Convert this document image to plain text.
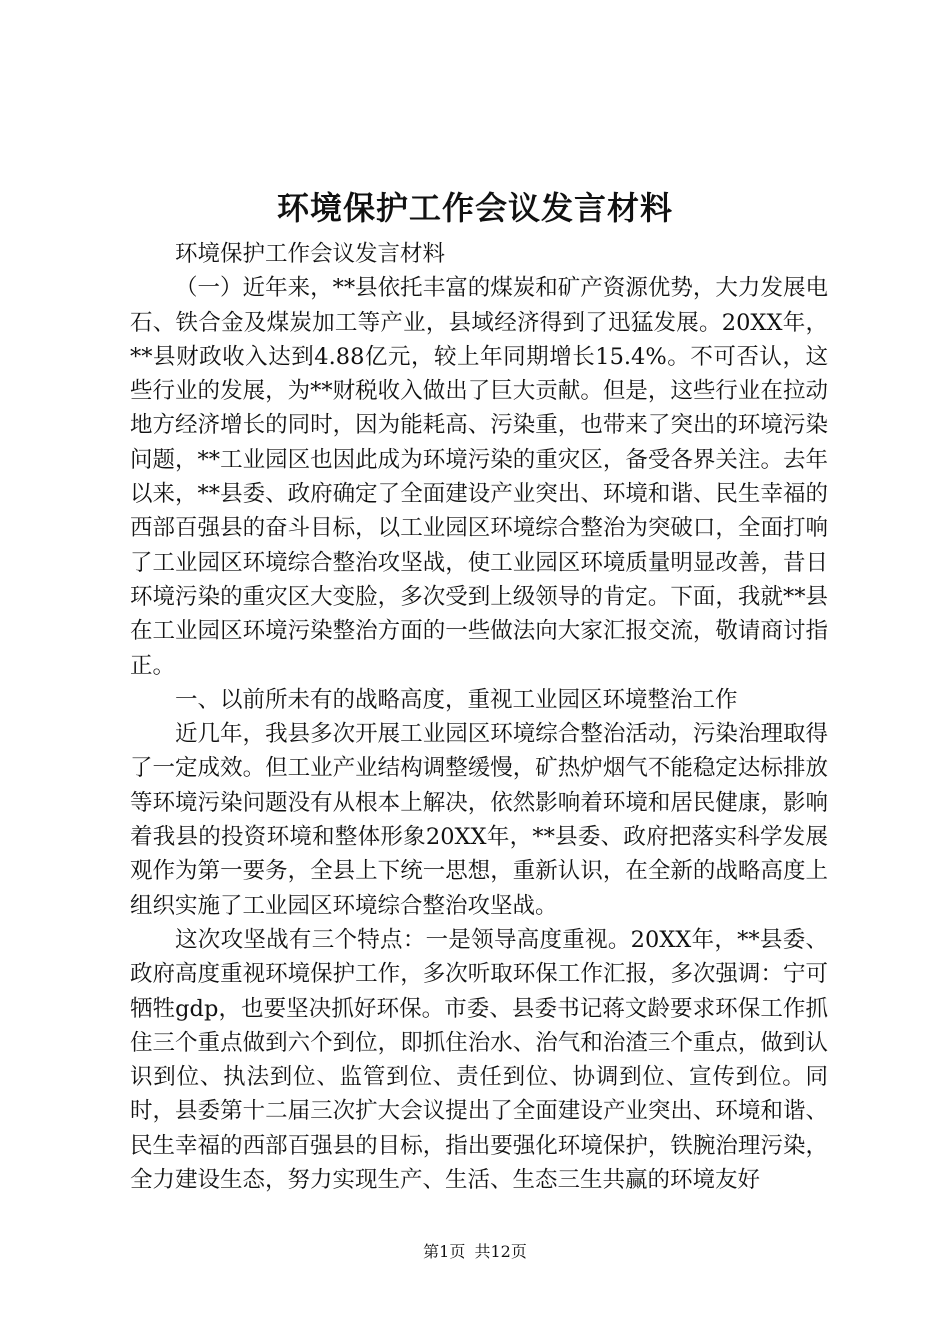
环境保护工作会议发言材料

环境保护工作会议发言材料

（一）近年来，**县依托丰富的煤炭和矿产资源优势，大力发展电石、铁合金及煤炭加工等产业，县域经济得到了迅猛发展。20XX年，**县财政收入达到4.88亿元，较上年同期增长15.4%。不可否认，这些行业的发展，为**财税收入做出了巨大贡献。但是，这些行业在拉动地方经济增长的同时，因为能耗高、污染重，也带来了突出的环境污染问题，**工业园区也因此成为环境污染的重灾区，备受各界关注。去年以来，**县委、政府确定了全面建设产业突出、环境和谐、民生幸福的西部百强县的奋斗目标，以工业园区环境综合整治为突破口，全面打响了工业园区环境综合整治攻坚战，使工业园区环境质量明显改善，昔日环境污染的重灾区大变脸，多次受到上级领导的肯定。下面，我就**县在工业园区环境污染整治方面的一些做法向大家汇报交流，敬请商讨指正。

一、以前所未有的战略高度，重视工业园区环境整治工作

近几年，我县多次开展工业园区环境综合整治活动，污染治理取得了一定成效。但工业产业结构调整缓慢，矿热炉烟气不能稳定达标排放等环境污染问题没有从根本上解决，依然影响着环境和居民健康，影响着我县的投资环境和整体形象20XX年，**县委、政府把落实科学发展观作为第一要务，全县上下统一思想，重新认识，在全新的战略高度上组织实施了工业园区环境综合整治攻坚战。

这次攻坚战有三个特点：一是领导高度重视。20XX年，**县委、政府高度重视环境保护工作，多次听取环保工作汇报，多次强调：宁可牺牲gdp，也要坚决抓好环保。市委、县委书记蒋文龄要求环保工作抓住三个重点做到六个到位，即抓住治水、治气和治渣三个重点，做到认识到位、执法到位、监管到位、责任到位、协调到位、宣传到位。同时，县委第十二届三次扩大会议提出了全面建设产业突出、环境和谐、民生幸福的西部百强县的目标，指出要强化环境保护，铁腕治理污染，全力建设生态，努力实现生产、生活、生态三生共赢的环境友好

第1页 共12页
